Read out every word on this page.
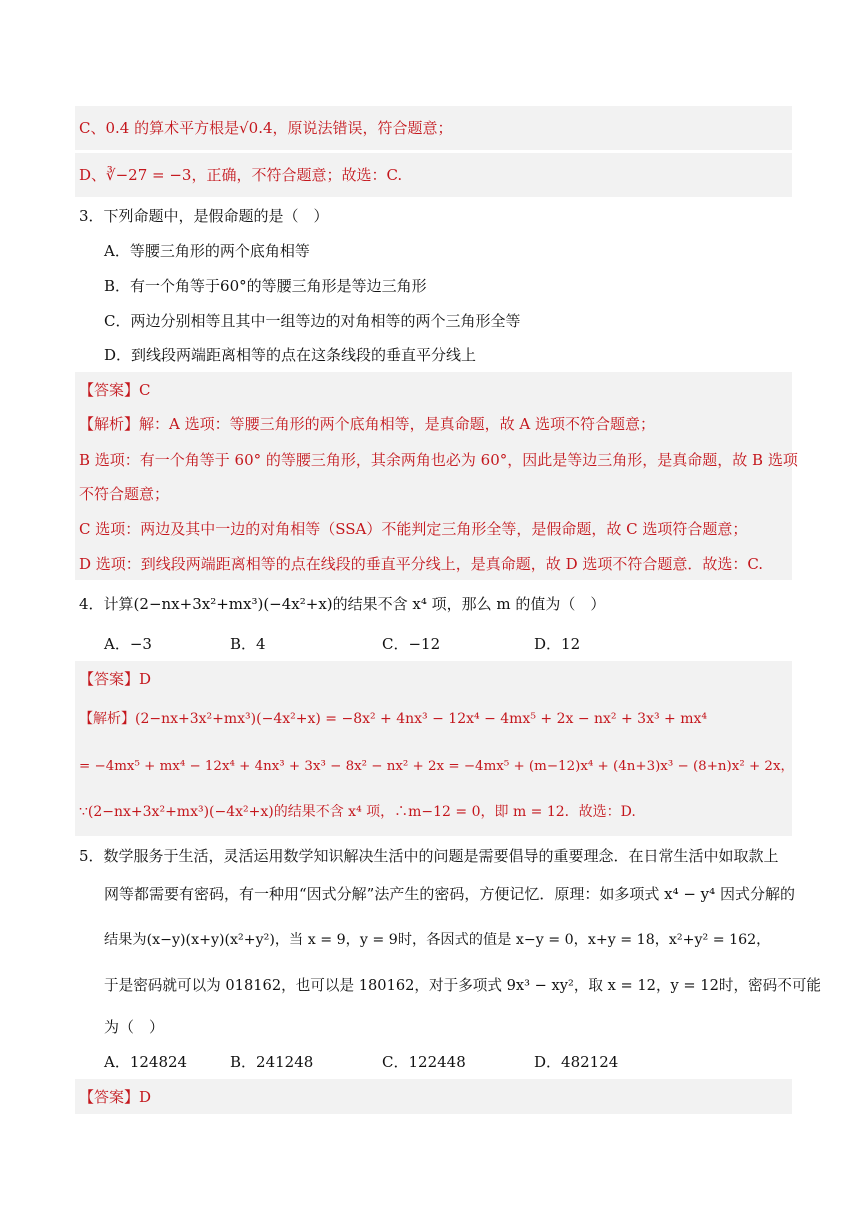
C、0.4 的算术平方根是√0.4，原说法错误，符合题意；
D、∛−27 = −3，正确，不符合题意；故选：C.
3．下列命题中，是假命题的是（　）
A．等腰三角形的两个底角相等
B．有一个角等于60°的等腰三角形是等边三角形
C．两边分别相等且其中一组等边的对角相等的两个三角形全等
D．到线段两端距离相等的点在这条线段的垂直平分线上
【答案】C
【解析】解：A 选项：等腰三角形的两个底角相等，是真命题，故 A 选项不符合题意；
B 选项：有一个角等于 60° 的等腰三角形，其余两角也必为 60°，因此是等边三角形，是真命题，故 B 选项
不符合题意；
C 选项：两边及其中一边的对角相等（SSA）不能判定三角形全等，是假命题，故 C 选项符合题意；
D 选项：到线段两端距离相等的点在线段的垂直平分线上，是真命题，故 D 选项不符合题意．故选：C.
4．计算(2−nx+3x²+mx³)(−4x²+x)的结果不含 x⁴ 项，那么 m 的值为（　）
A．−3	B．4	C．−12	D．12
【答案】D
【解析】(2−nx+3x²+mx³)(−4x²+x) = −8x² + 4nx³ − 12x⁴ − 4mx⁵ + 2x − nx² + 3x³ + mx⁴
= −4mx⁵ + mx⁴ − 12x⁴ + 4nx³ + 3x³ − 8x² − nx² + 2x = −4mx⁵ + (m−12)x⁴ + (4n+3)x³ − (8+n)x² + 2x，
∵(2−nx+3x²+mx³)(−4x²+x)的结果不含 x⁴ 项，∴m−12 = 0，即 m = 12．故选：D.
5．数学服务于生活，灵活运用数学知识解决生活中的问题是需要倡导的重要理念．在日常生活中如取款上
网等都需要有密码，有一种用“因式分解”法产生的密码，方便记忆．原理：如多项式 x⁴ − y⁴ 因式分解的
结果为(x−y)(x+y)(x²+y²)，当 x = 9，y = 9时，各因式的值是 x−y = 0，x+y = 18，x²+y² = 162，
于是密码就可以为 018162，也可以是 180162，对于多项式 9x³ − xy²，取 x = 12，y = 12时，密码不可能
为（　）
A．124824	B．241248	C．122448	D．482124
【答案】D
